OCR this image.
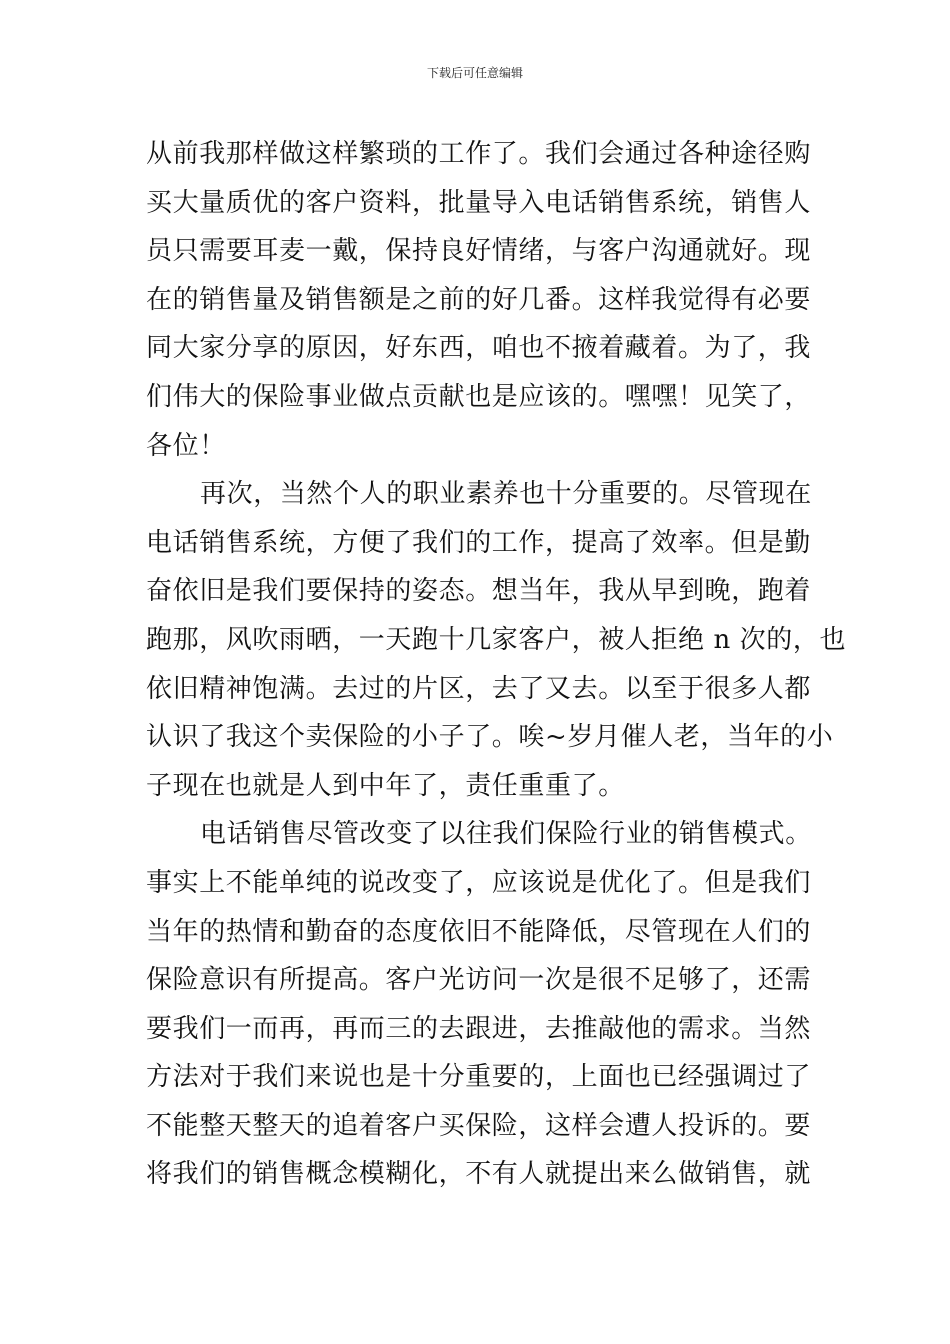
下载后可任意编辑
从前我那样做这样繁琐的工作了。我们会通过各种途径购
买大量质优的客户资料，批量导入电话销售系统，销售人
员只需要耳麦一戴，保持良好情绪，与客户沟通就好。现
在的销售量及销售额是之前的好几番。这样我觉得有必要
同大家分享的原因，好东西，咱也不掖着藏着。为了，我
们伟大的保险事业做点贡献也是应该的。嘿嘿！见笑了，
各位！
再次，当然个人的职业素养也十分重要的。尽管现在
电话销售系统，方便了我们的工作，提高了效率。但是勤
奋依旧是我们要保持的姿态。想当年，我从早到晚，跑着
跑那，风吹雨晒，一天跑十几家客户，被人拒绝 n 次的，也
依旧精神饱满。去过的片区，去了又去。以至于很多人都
认识了我这个卖保险的小子了。唉~岁月催人老，当年的小
子现在也就是人到中年了，责任重重了。
电话销售尽管改变了以往我们保险行业的销售模式。
事实上不能单纯的说改变了，应该说是优化了。但是我们
当年的热情和勤奋的态度依旧不能降低，尽管现在人们的
保险意识有所提高。客户光访问一次是很不足够了，还需
要我们一而再，再而三的去跟进，去推敲他的需求。当然
方法对于我们来说也是十分重要的，上面也已经强调过了
不能整天整天的追着客户买保险，这样会遭人投诉的。要
将我们的销售概念模糊化，不有人就提出来么做销售，就
